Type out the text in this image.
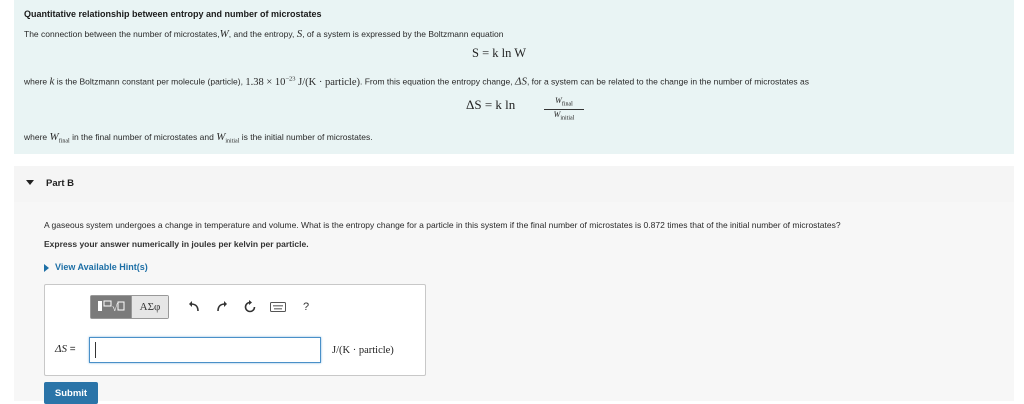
Quantitative relationship between entropy and number of microstates
The connection between the number of microstates,W, and the entropy, S, of a system is expressed by the Boltzmann equation
S = k ln W
where k is the Boltzmann constant per molecule (particle), $1.38 \times 10^{-23}$ J/(K · particle). From this equation the entropy change, ΔS, for a system can be related to the change in the number of microstates as
ΔS = k ln	$W_{final}$
$W_{initial}$
where $W_{final}$ in the final number of microstates and $W_{initial}$ is the initial number of microstates.
Part B
A gaseous system undergoes a change in temperature and volume. What is the entropy change for a particle in this system if the final number of microstates is 0.872 times that of the initial number of microstates?
Express your answer numerically in joules per kelvin per particle.
View Available Hint(s)
√	ΑΣφ	?
ΔS =	J/(K · particle)
Submit
